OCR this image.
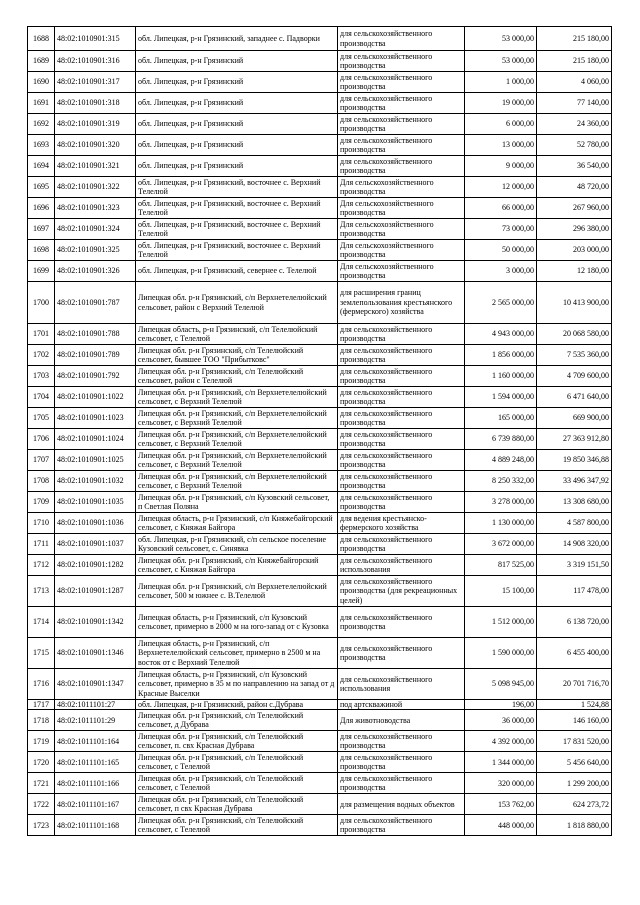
1688	48:02:1010901:315	обл. Липецкая, р-н Грязинский, западнее с. Падворки	для сельскохозяйственного производства	53 000,00	215 180,00
1689	48:02:1010901:316	обл. Липецкая, р-н Грязинский	для сельскохозяйственного производства	53 000,00	215 180,00
1690	48:02:1010901:317	обл. Липецкая, р-н Грязинский	для сельскохозяйственного производства	1 000,00	4 060,00
1691	48:02:1010901:318	обл. Липецкая, р-н Грязинский	для сельскохозяйственного производства	19 000,00	77 140,00
1692	48:02:1010901:319	обл. Липецкая, р-н Грязинский	для сельскохозяйственного производства	6 000,00	24 360,00
1693	48:02:1010901:320	обл. Липецкая, р-н Грязинский	для сельскохозяйственного производства	13 000,00	52 780,00
1694	48:02:1010901:321	обл. Липецкая, р-н Грязинский	для сельскохозяйственного производства	9 000,00	36 540,00
1695	48:02:1010901:322	обл. Липецкая, р-н Грязинский, восточнее с. Верхний Телелюй	Для сельскохозяйственного производства	12 000,00	48 720,00
1696	48:02:1010901:323	обл. Липецкая, р-н Грязинский, восточнее с. Верхний Телелюй	Для сельскохозяйственного производства	66 000,00	267 960,00
1697	48:02:1010901:324	обл. Липецкая, р-н Грязинский, восточнее с. Верхний Телелюй	Для сельскохозяйственного производства	73 000,00	296 380,00
1698	48:02:1010901:325	обл. Липецкая, р-н Грязинский, восточнее с. Верхний Телелюй	Для сельскохозяйственного производства	50 000,00	203 000,00
1699	48:02:1010901:326	обл. Липецкая, р-н Грязинский, севернее с. Телелюй	Для сельскохозяйственного производства	3 000,00	12 180,00
1700	48:02:1010901:787	Липецкая обл. р-н Грязинский, с/п Верхнетелелюйский сельсовет, район с Верхний Телелюй	для расширения границ землепользования крестьянского (фермерского) хозяйства	2 565 000,00	10 413 900,00
1701	48:02:1010901:788	Липецкая область, р-н Грязинский, с/п Телелюйский сельсовет, с Телелюй	для сельскохозяйственного производства	4 943 000,00	20 068 580,00
1702	48:02:1010901:789	Липецкая обл. р-н Грязинский, с/п Телелюйский сельсовет, бывшее ТОО "Прибытковс"	для сельскохозяйственного производства	1 856 000,00	7 535 360,00
1703	48:02:1010901:792	Липецкая обл. р-н Грязинский, с/п Телелюйский сельсовет, район с Телелюй	для сельскохозяйственного производства	1 160 000,00	4 709 600,00
1704	48:02:1010901:1022	Липецкая обл. р-н Грязинский, с/п Верхнетелелюйский сельсовет, с Верхний Телелюй	для сельскохозяйственного производства	1 594 000,00	6 471 640,00
1705	48:02:1010901:1023	Липецкая обл. р-н Грязинский, с/п Верхнетелелюйский сельсовет, с Верхний Телелюй	для сельскохозяйственного производства	165 000,00	669 900,00
1706	48:02:1010901:1024	Липецкая обл. р-н Грязинский, с/п Верхнетелелюйский сельсовет, с Верхний Телелюй	для сельскохозяйственного производства	6 739 880,00	27 363 912,80
1707	48:02:1010901:1025	Липецкая обл. р-н Грязинский, с/п Верхнетелелюйский сельсовет, с Верхний Телелюй	для сельскохозяйственного производства	4 889 248,00	19 850 346,88
1708	48:02:1010901:1032	Липецкая обл. р-н Грязинский, с/п Верхнетелелюйский сельсовет, с Верхний Телелюй	для сельскохозяйственного производства	8 250 332,00	33 496 347,92
1709	48:02:1010901:1035	Липецкая обл. р-н Грязинский, с/п Кузовский сельсовет, п Светлая Поляна	для сельскохозяйственного производства	3 278 000,00	13 308 680,00
1710	48:02:1010901:1036	Липецкая область, р-н Грязинский, с/п Княжебайгорский сельсовет, с Княжая Байгора	для ведения крестьянско-фермерского хозяйства	1 130 000,00	4 587 800,00
1711	48:02:1010901:1037	обл. Липецкая, р-н Грязинский, с/п сельское поселение Кузовский сельсовет, с. Синявка	для сельскохозяйственного производства	3 672 000,00	14 908 320,00
1712	48:02:1010901:1282	Липецкая обл. р-н Грязинский, с/п Княжебайгорский сельсовет, с Княжая Байгора	для сельскохозяйственного использования	817 525,00	3 319 151,50
1713	48:02:1010901:1287	Липецкая обл. р-н Грязинский, с/п Верхнетелелюйский сельсовет, 500 м южнее с. В.Телелюй	для сельскохозяйственного производства (для рекреационных целей)	15 100,00	117 478,00
1714	48:02:1010901:1342	Липецкая область, р-н Грязинский, с/п Кузовский сельсовет, примерно в 2000 м на юго-запад от с Кузовка	для сельскохозяйственного производства	1 512 000,00	6 138 720,00
1715	48:02:1010901:1346	Липецкая область, р-н Грязинский, с/п Верхнетелелюйский сельсовет, примерно в 2500 м на восток от с Верхний Телелюй	для сельскохозяйственного производства	1 590 000,00	6 455 400,00
1716	48:02:1010901:1347	Липецкая область, р-н Грязинский, с/п Кузовский сельсовет, примерно в 35 м по направлению на запад от д Красные Выселки	для сельскохозяйственного использования	5 098 945,00	20 701 716,70
1717	48:02:1011101:27	обл. Липецкая, р-н Грязинский, район с.Дубрава	под артскважиной	196,00	1 524,88
1718	48:02:1011101:29	Липецкая обл. р-н Грязинский, с/п Телелюйский сельсовет, д Дубрава	Для животноводства	36 000,00	146 160,00
1719	48:02:1011101:164	Липецкая обл. р-н Грязинский, с/п Телелюйский сельсовет, п. свх Красная Дубрава	для сельскохозяйственного производства	4 392 000,00	17 831 520,00
1720	48:02:1011101:165	Липецкая обл. р-н Грязинский, с/п Телелюйский сельсовет, с Телелюй	для сельскохозяйственного производства	1 344 000,00	5 456 640,00
1721	48:02:1011101:166	Липецкая обл. р-н Грязинский, с/п Телелюйский сельсовет, с Телелюй	для сельскохозяйственного производства	320 000,00	1 299 200,00
1722	48:02:1011101:167	Липецкая обл. р-н Грязинский, с/п Телелюйский сельсовет, п свх Красная Дубрава	для размещения водных объектов	153 762,00	624 273,72
1723	48:02:1011101:168	Липецкая обл. р-н Грязинский, с/п Телелюйский сельсовет, с Телелюй	для сельскохозяйственного производства	448 000,00	1 818 880,00
